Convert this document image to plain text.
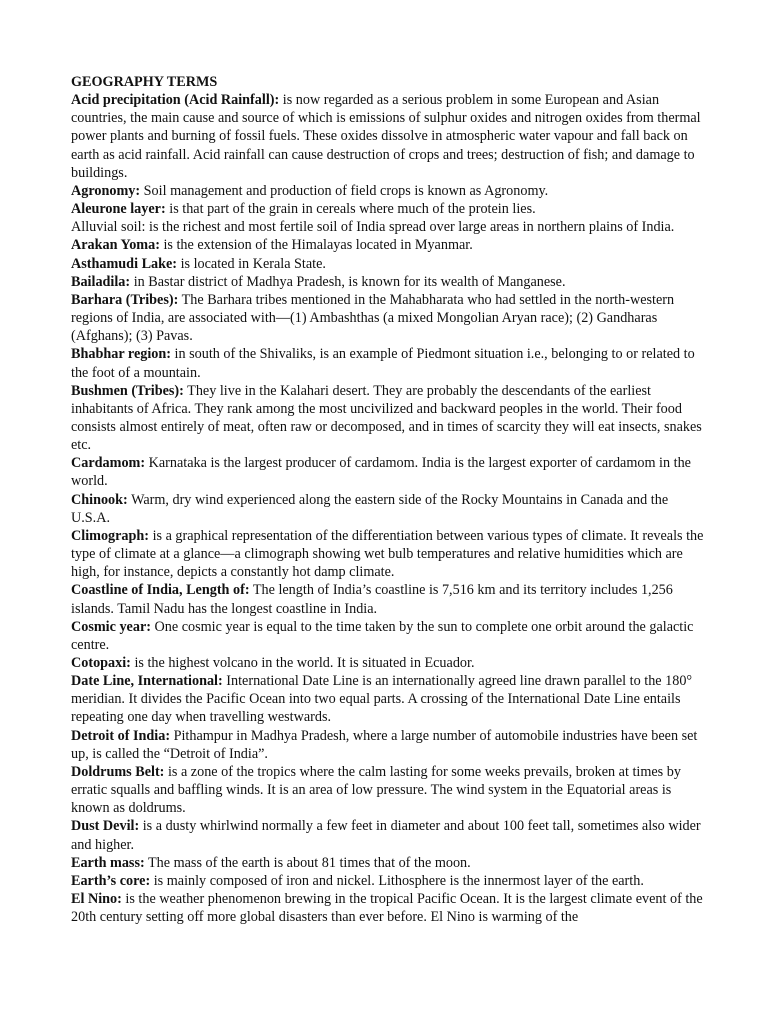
GEOGRAPHY TERMS

Acid precipitation (Acid Rainfall): is now regarded as a serious problem in some European and Asian countries, the main cause and source of which is emissions of sulphur oxides and nitrogen oxides from thermal power plants and burning of fossil fuels. These oxides dissolve in atmospheric water vapour and fall back on earth as acid rainfall. Acid rainfall can cause destruction of crops and trees; destruction of fish; and damage to buildings.

Agronomy: Soil management and production of field crops is known as Agronomy.

Aleurone layer: is that part of the grain in cereals where much of the protein lies.

Alluvial soil: is the richest and most fertile soil of India spread over large areas in northern plains of India.

Arakan Yoma: is the extension of the Himalayas located in Myanmar.

Asthamudi Lake: is located in Kerala State.

Bailadila: in Bastar district of Madhya Pradesh, is known for its wealth of Manganese.

Barhara (Tribes): The Barhara tribes mentioned in the Mahabharata who had settled in the north-western regions of India, are associated with—(1) Ambashthas (a mixed Mongolian Aryan race); (2) Gandharas (Afghans); (3) Pavas.

Bhabhar region: in south of the Shivaliks, is an example of Piedmont situation i.e., belonging to or related to the foot of a mountain.

Bushmen (Tribes): They live in the Kalahari desert. They are probably the descendants of the earliest inhabitants of Africa. They rank among the most uncivilized and backward peoples in the world. Their food consists almost entirely of meat, often raw or decomposed, and in times of scarcity they will eat insects, snakes etc.

Cardamom: Karnataka is the largest producer of cardamom. India is the largest exporter of cardamom in the world.

Chinook: Warm, dry wind experienced along the eastern side of the Rocky Mountains in Canada and the U.S.A.

Climograph: is a graphical representation of the differentiation between various types of climate. It reveals the type of climate at a glance—a climograph showing wet bulb temperatures and relative humidities which are high, for instance, depicts a constantly hot damp climate.

Coastline of India, Length of: The length of India’s coastline is 7,516 km and its territory includes 1,256 islands. Tamil Nadu has the longest coastline in India.

Cosmic year: One cosmic year is equal to the time taken by the sun to complete one orbit around the galactic centre.

Cotopaxi: is the highest volcano in the world. It is situated in Ecuador.

Date Line, International: International Date Line is an internationally agreed line drawn parallel to the 180° meridian. It divides the Pacific Ocean into two equal parts. A crossing of the International Date Line entails repeating one day when travelling westwards.

Detroit of India: Pithampur in Madhya Pradesh, where a large number of automobile industries have been set up, is called the “Detroit of India”.

Doldrums Belt: is a zone of the tropics where the calm lasting for some weeks prevails, broken at times by erratic squalls and baffling winds. It is an area of low pressure. The wind system in the Equatorial areas is known as doldrums.

Dust Devil: is a dusty whirlwind normally a few feet in diameter and about 100 feet tall, sometimes also wider and higher.

Earth mass: The mass of the earth is about 81 times that of the moon.

Earth’s core: is mainly composed of iron and nickel. Lithosphere is the innermost layer of the earth.

El Nino: is the weather phenomenon brewing in the tropical Pacific Ocean. It is the largest climate event of the 20th century setting off more global disasters than ever before. El Nino is warming of the
